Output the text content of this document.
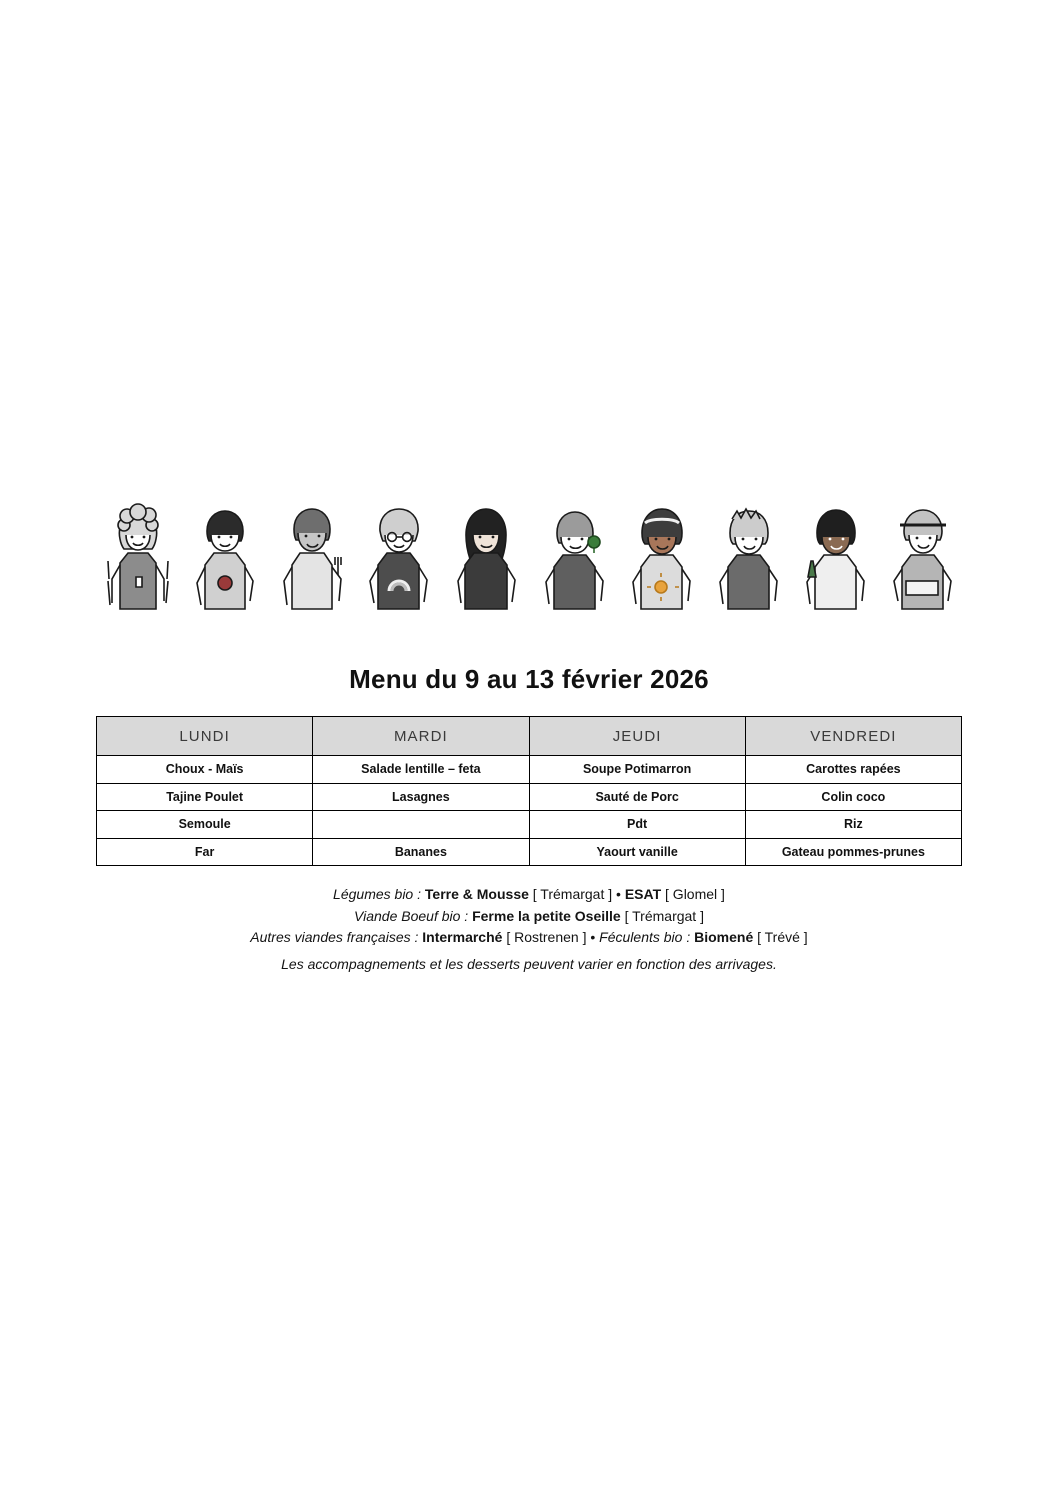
Menu du 9 au 13 février 2026
LUNDI	MARDI	JEUDI	VENDREDI
Choux - Maïs	Salade lentille – feta	Soupe Potimarron	Carottes rapées
Tajine Poulet	Lasagnes	Sauté de Porc	Colin coco
Semoule		Pdt	Riz
Far	Bananes	Yaourt vanille	Gateau pommes-prunes
Légumes bio : Terre & Mousse [ Trémargat ] • ESAT [ Glomel ]
Viande Boeuf bio : Ferme la petite Oseille [ Trémargat ]
Autres viandes françaises : Intermarché [ Rostrenen ] • Féculents bio : Biomené [ Trévé ]
Les accompagnements et les desserts peuvent varier en fonction des arrivages.
